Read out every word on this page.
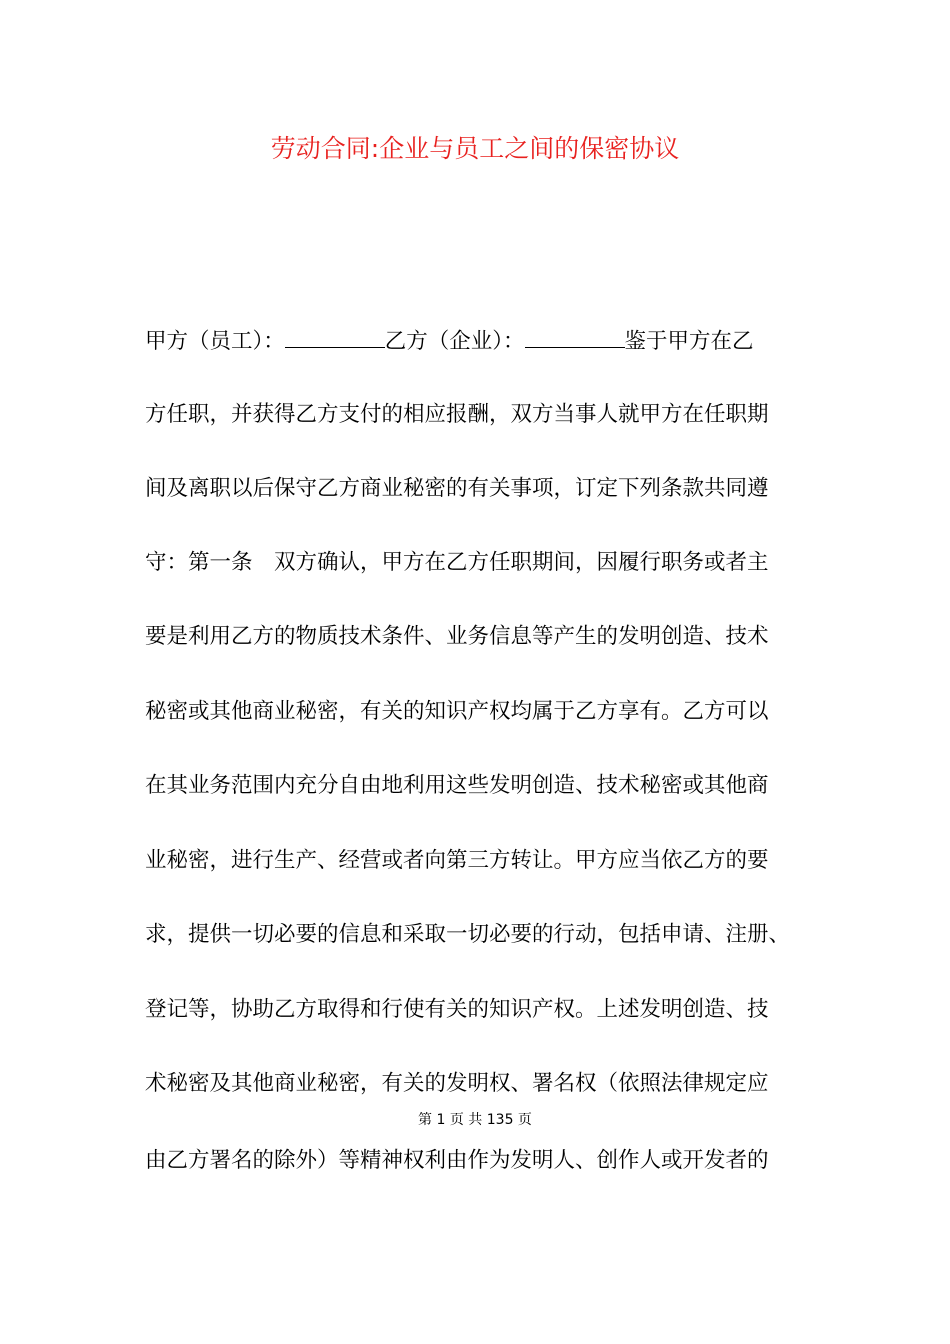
劳动合同:企业与员工之间的保密协议
甲方（员工）：	乙方（企业）：	鉴于甲方在乙
方任职，并获得乙方支付的相应报酬，双方当事人就甲方在任职期
间及离职以后保守乙方商业秘密的有关事项，订定下列条款共同遵
守：第一条　双方确认，甲方在乙方任职期间，因履行职务或者主
要是利用乙方的物质技术条件、业务信息等产生的发明创造、技术
秘密或其他商业秘密，有关的知识产权均属于乙方享有。乙方可以
在其业务范围内充分自由地利用这些发明创造、技术秘密或其他商
业秘密，进行生产、经营或者向第三方转让。甲方应当依乙方的要
求，提供一切必要的信息和采取一切必要的行动，包括申请、注册、
登记等，协助乙方取得和行使有关的知识产权。上述发明创造、技
术秘密及其他商业秘密，有关的发明权、署名权（依照法律规定应
由乙方署名的除外）等精神权利由作为发明人、创作人或开发者的
第 1 页 共 135 页
